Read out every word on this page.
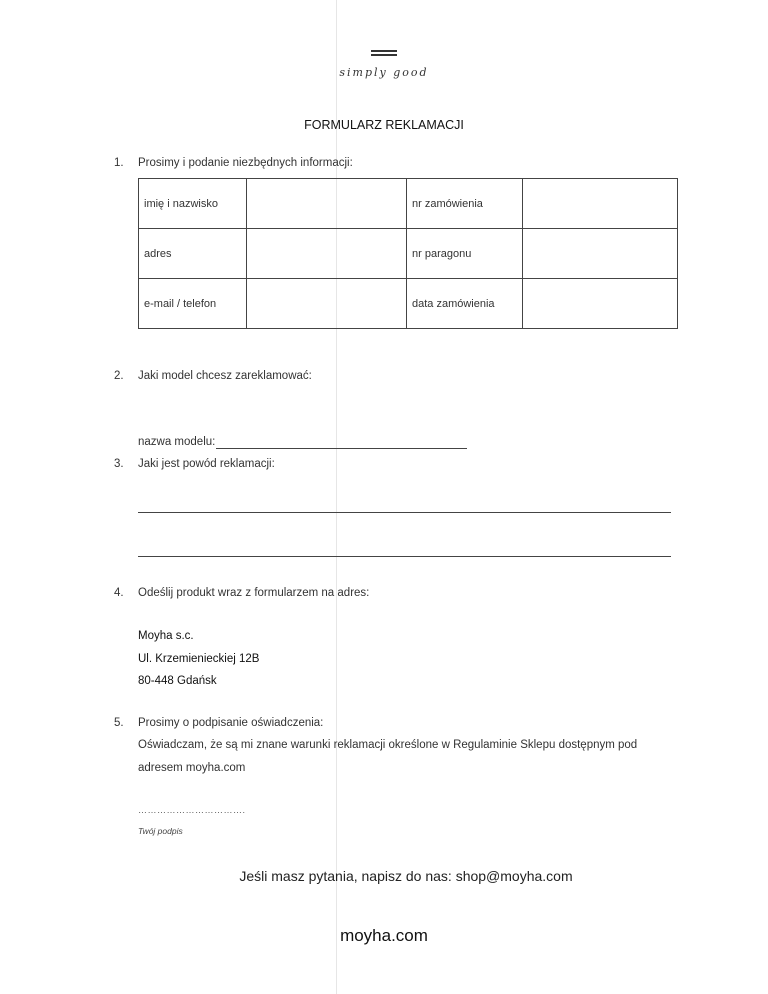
simply good
FORMULARZ REKLAMACJI
1. Prosimy i podanie niezbędnych informacji:
imię i nazwisko		nr zamówienia	
adres		nr paragonu	
e-mail / telefon		data zamówienia	
2. Jaki model chcesz zareklamować:
nazwa modelu:
3. Jaki jest powód reklamacji:
4. Odeślij produkt wraz z formularzem na adres:
Moyha s.c.
Ul. Krzemienieckiej 12B
80-448 Gdańsk
5. Prosimy o podpisanie oświadczenia:
Oświadczam, że są mi znane warunki reklamacji określone w Regulaminie Sklepu dostępnym pod
adresem moyha.com
…………………………….
Twój podpis
Jeśli masz pytania, napisz do nas: shop@moyha.com
moyha.com
